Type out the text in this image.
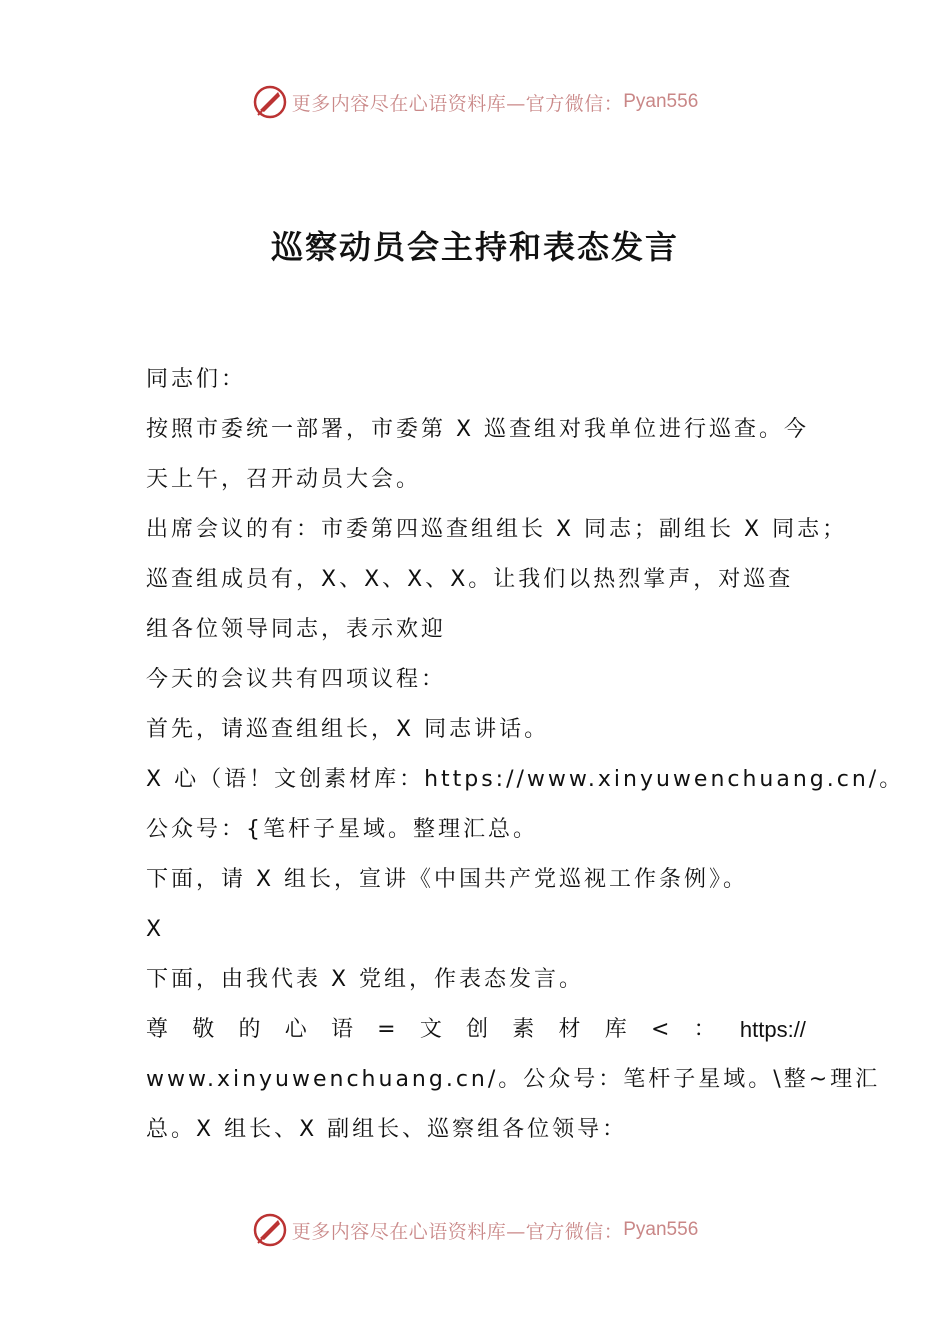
更多内容尽在心语资料库—官方微信： Pyan556
巡察动员会主持和表态发言
同志们：
按照市委统一部署，市委第 X 巡查组对我单位进行巡查。今
天上午，召开动员大会。
出席会议的有：市委第四巡查组组长 X 同志；副组长 X 同志；
巡查组成员有，X、X、X、X。让我们以热烈掌声，对巡查
组各位领导同志，表示欢迎
今天的会议共有四项议程：
首先，请巡查组组长，X 同志讲话。
X 心（语！文创素材库：https://www.xinyuwenchuang.cn/。
公众号：{笔杆子星域。整理汇总。
下面，请 X 组长，宣讲《中国共产党巡视工作条例》。
X
下面，由我代表 X 党组，作表态发言。
尊 敬 的 心 语 = 文 创 素 材 库 < ： https://
www.xinyuwenchuang.cn/。公众号：笔杆子星域。\整~理汇
总。X 组长、X 副组长、巡察组各位领导：
更多内容尽在心语资料库—官方微信： Pyan556
